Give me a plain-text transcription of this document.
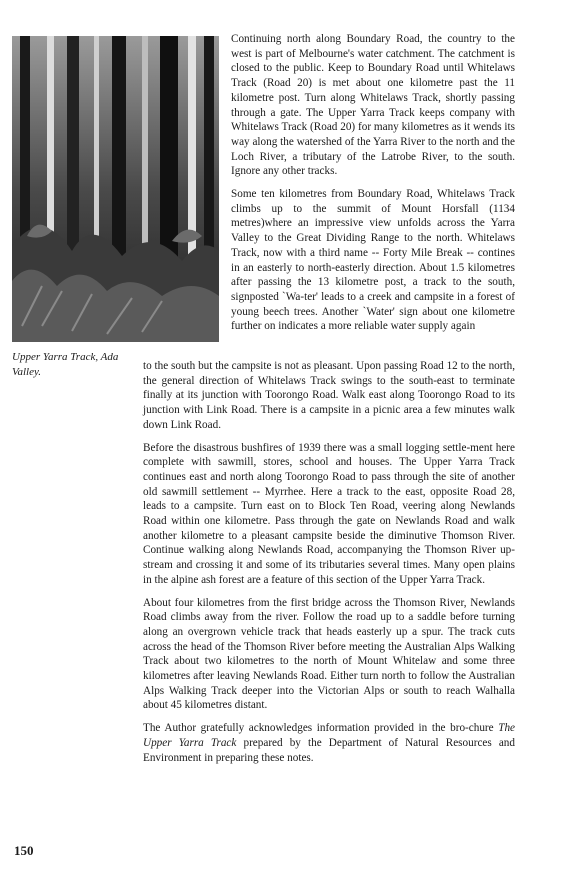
Upper Yarra Track, Ada Valley.

Continuing north along Boundary Road, the country to the west is part of Melbourne's water catchment. The catchment is closed to the public. Keep to Boundary Road until Whitelaws Track (Road 20) is met about one kilometre past the 11 kilometre post. Turn along Whitelaws Track, shortly passing through a gate. The Upper Yarra Track keeps company with Whitelaws Track (Road 20) for many kilometres as it wends its way along the watershed of the Yarra River to the north and the Loch River, a tributary of the Latrobe River, to the south. Ignore any other tracks.

Some ten kilometres from Boundary Road, Whitelaws Track climbs up to the summit of Mount Horsfall (1134 metres)where an impressive view unfolds across the Yarra Valley to the Great Dividing Range to the north. Whitelaws Track, now with a third name -- Forty Mile Break -- contines in an easterly to north-easterly direction. About 1.5 kilometres after passing the 13 kilometre post, a track to the south, signposted `Wa-ter' leads to a creek and campsite in a forest of young beech trees. Another `Water' sign about one kilometre further on indicates a more reliable water supply again

to the south but the campsite is not as pleasant. Upon passing Road 12 to the north, the general direction of Whitelaws Track swings to the south-east to terminate finally at its junction with Toorongo Road. Walk east along Toorongo Road to its junction with Link Road. There is a campsite in a picnic area a few minutes walk down Link Road.

Before the disastrous bushfires of 1939 there was a small logging settle-ment here complete with sawmill, stores, school and houses. The Upper Yarra Track continues east and north along Toorongo Road to pass through the site of another old sawmill settlement -- Myrrhee. Here a track to the east, opposite Road 28, leads to a campsite. Turn east on to Block Ten Road, veering along Newlands Road within one kilometre. Pass through the gate on Newlands Road and walk another kilometre to a pleasant campsite beside the diminutive Thomson River. Continue walking along Newlands Road, accompanying the Thomson River up-stream and crossing it and some of its tributaries several times. Many open plains in the alpine ash forest are a feature of this section of the Upper Yarra Track.

About four kilometres from the first bridge across the Thomson River, Newlands Road climbs away from the river. Follow the road up to a saddle before turning along an overgrown vehicle track that heads easterly up a spur. The track cuts across the head of the Thomson River before meeting the Australian Alps Walking Track about two kilometres to the north of Mount Whitelaw and some three kilometres after leaving Newlands Road. Either turn north to follow the Australian Alps Walking Track deeper into the Victorian Alps or south to reach Walhalla about 45 kilometres distant.

The Author gratefully acknowledges information provided in the bro-chure The Upper Yarra Track prepared by the Department of Natural Resources and Environment in preparing these notes.

150
